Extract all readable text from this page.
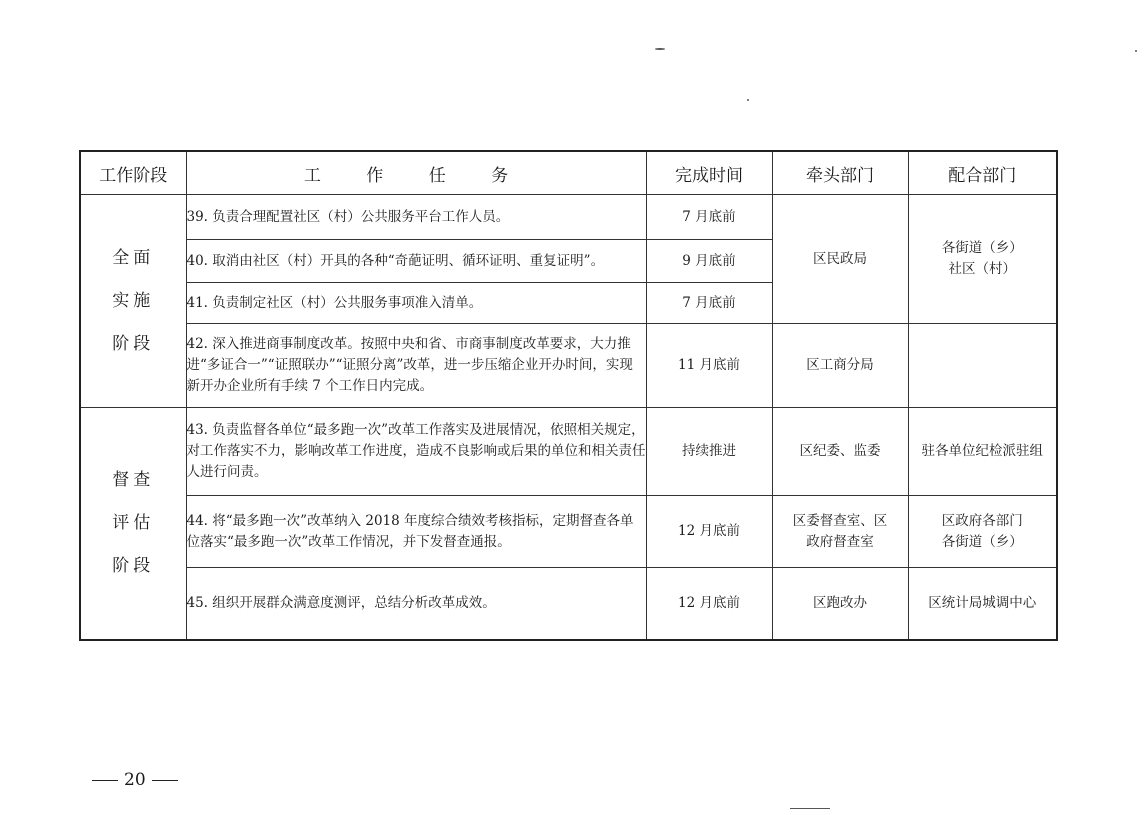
工作阶段	工 作 任 务	完成时间	牵头部门	配合部门

全面
实施
阶段	39. 负责合理配置社区（村）公共服务平台工作人员。	7 月底前	区民政局	各街道（乡）社区（村）
	40. 取消由社区（村）开具的各种“奇葩证明、循环证明、重复证明”。	9 月底前		
	41. 负责制定社区（村）公共服务事项准入清单。	7 月底前		
	42. 深入推进商事制度改革。按照中央和省、市商事制度改革要求，大力推进“多证合一”“证照联办”“证照分离”改革，进一步压缩企业开办时间，实现新开办企业所有手续 7 个工作日内完成。	11 月底前	区工商分局	

督查
评估
阶段	43. 负责监督各单位“最多跑一次”改革工作落实及进展情况，依照相关规定，对工作落实不力，影响改革工作进度，造成不良影响或后果的单位和相关责任人进行问责。	持续推进	区纪委、监委	驻各单位纪检派驻组
	44. 将“最多跑一次”改革纳入 2018 年度综合绩效考核指标，定期督查各单位落实“最多跑一次”改革工作情况，并下发督查通报。	12 月底前	区委督查室、区政府督查室	区政府各部门各街道（乡）
	45. 组织开展群众满意度测评，总结分析改革成效。	12 月底前	区跑改办	区统计局城调中心
20
